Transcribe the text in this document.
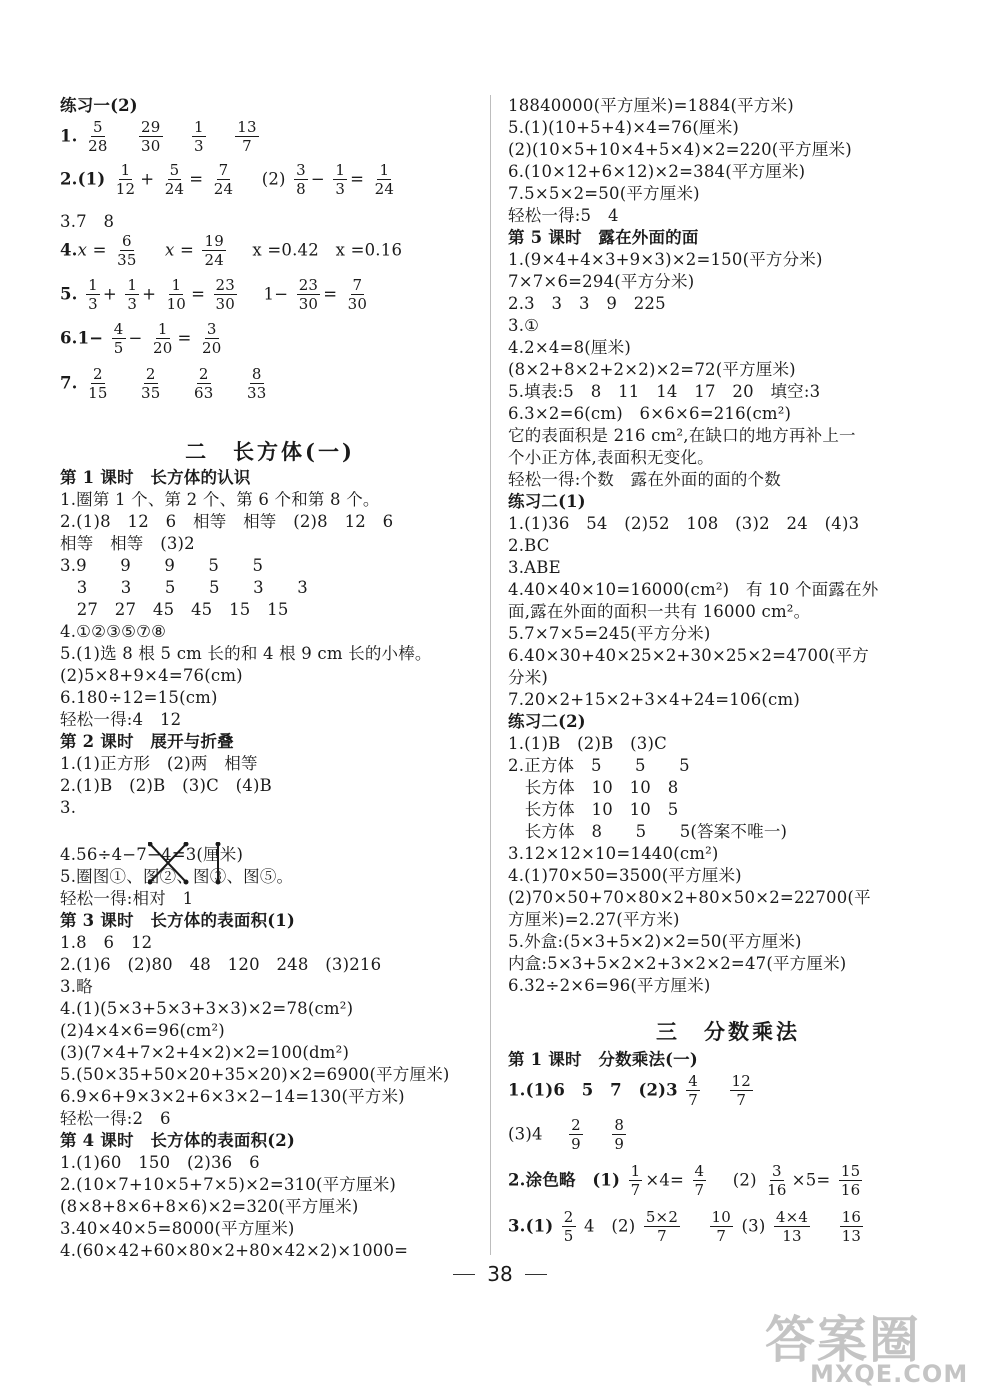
练习一(2)
1. $\frac{5}{28}$
$\frac{29}{30}$
$\frac{1}{3}$
$\frac{13}{7}$
$2.(1) \frac{1}{12} + \frac{5}{24} = \frac{7}{24} (2) \frac{3}{8} - \frac{1}{3} = \frac{1}{24}$
3.7　8
$4.x = \frac{6}{35}$ $x = \frac{19}{24}$ x =0.42　x =0.16
5. $\frac{1}{3} + \frac{1}{3} + \frac{1}{10} = \frac{23}{30} 1- \frac{23}{30} = \frac{7}{30}$
$6.1- \frac{4}{5} - \frac{1}{20} = \frac{3}{20}$
7. $\frac{2}{15}$
$\frac{2}{35}$
$\frac{2}{63}$
$\frac{8}{33}$
二　长方体(一)
第 1 课时　长方体的认识
1.圈第 1 个、第 2 个、第 6 个和第 8 个。
2.(1)8　12　6　相等　相等　(2)8　12　6
相等　相等　(3)2
3.9　　9　　9　　5　　5
　3　　3　　5　　5　　3　　3
　27　27　45　45　15　15
4.①②③⑤⑦⑧
5.(1)选 8 根 5 cm 长的和 4 根 9 cm 长的小棒。
(2)5×8+9×4=76(cm)
6.180÷12=15(cm)
轻松一得:4　12
第 2 课时　展开与折叠
1.(1)正方形　(2)两　相等
2.(1)B　(2)B　(3)C　(4)B
3.
4.56÷4−7−4=3(厘米)
5.圈图①、图②、图③、图⑤。
轻松一得:相对　1
第 3 课时　长方体的表面积(1)
1.8　6　12
2.(1)6　(2)80　48　120　248　(3)216
3.略
4.(1)(5×3+5×3+3×3)×2=78(cm²)
(2)4×4×6=96(cm²)
(3)(7×4+7×2+4×2)×2=100(dm²)
5.(50×35+50×20+35×20)×2=6900(平方厘米)
6.9×6+9×3×2+6×3×2−14=130(平方米)
轻松一得:2　6
第 4 课时　长方体的表面积(2)
1.(1)60　150　(2)36　6
2.(10×7+10×5+7×5)×2=310(平方厘米)
(8×8+8×6+8×6)×2=320(平方厘米)
3.40×40×5=8000(平方厘米)
4.(60×42+60×80×2+80×42×2)×1000=
18840000(平方厘米)=1884(平方米)
5.(1)(10+5+4)×4=76(厘米)
(2)(10×5+10×4+5×4)×2=220(平方厘米)
6.(10×12+6×12)×2=384(平方厘米)
7.5×5×2=50(平方厘米)
轻松一得:5　4
第 5 课时　露在外面的面
1.(9×4+4×3+9×3)×2=150(平方分米)
7×7×6=294(平方分米)
2.3　3　3　9　225
3.①
4.2×4=8(厘米)
(8×2+8×2+2×2)×2=72(平方厘米)
5.填表:5　8　11　14　17　20　填空:3
6.3×2=6(cm)　6×6×6=216(cm²)
它的表面积是 216 cm²,在缺口的地方再补上一
个小正方体,表面积无变化。
轻松一得:个数　露在外面的面的个数
练习二(1)
1.(1)36　54　(2)52　108　(3)2　24　(4)3
2.BC
3.ABE
4.40×40×10=16000(cm²)　有 10 个面露在外
面,露在外面的面积一共有 16000 cm²。
5.7×7×5=245(平方分米)
6.40×30+40×25×2+30×25×2=4700(平方
分米)
7.20×2+15×2+3×4+24=106(cm)
练习二(2)
1.(1)B　(2)B　(3)C
2.正方体　5　　5　　5
　长方体　10　10　8
　长方体　10　10　5
　长方体　8　　5　　5(答案不唯一)
3.12×12×10=1440(cm²)
4.(1)70×50=3500(平方厘米)
(2)70×50+70×80×2+80×50×2=22700(平
方厘米)=2.27(平方米)
5.外盒:(5×3+5×2)×2=50(平方厘米)
内盒:5×3+5×2×2+3×2×2=47(平方厘米)
6.32÷2×6=96(平方厘米)
三　分数乘法
第 1 课时　分数乘法(一)
1.(1)6　5　7　$(2)3 \frac{4}{7}$
$\frac{12}{7}$
$(3)4 \frac{2}{9}$
$\frac{8}{9}$
2.涂色略　$(1) \frac{1}{7} \times 4= \frac{4}{7} (2) \frac{3}{16} \times 5= \frac{15}{16}$
$3.(1) \frac{2}{5} 4$　$(2) \frac{5\times 2}{7}$
$\frac{10}{7} (3) \frac{4\times 4}{13}$
$\frac{16}{13}$
38
答案圈
MXQE.COM
